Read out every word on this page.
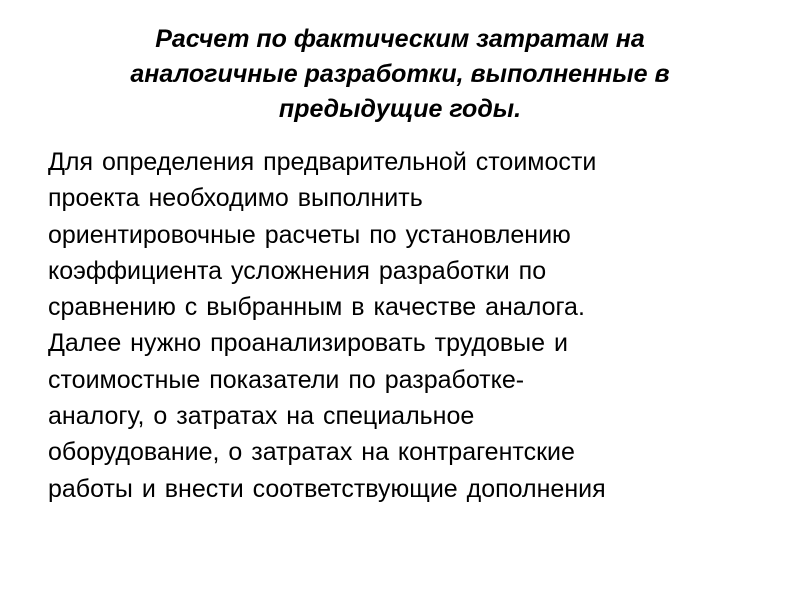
Расчет по фактическим затратам на
аналогичные разработки, выполненные в
предыдущие годы.
Для определения предварительной стоимости
проекта необходимо выполнить
ориентировочные расчеты по установлению
коэффициента усложнения разработки по
сравнению с выбранным в качестве аналога.
Далее нужно проанализировать трудовые и
стоимостные показатели по разработке-
аналогу, о затратах на специальное
оборудование, о затратах на контрагентские
работы и внести соответствующие дополнения
